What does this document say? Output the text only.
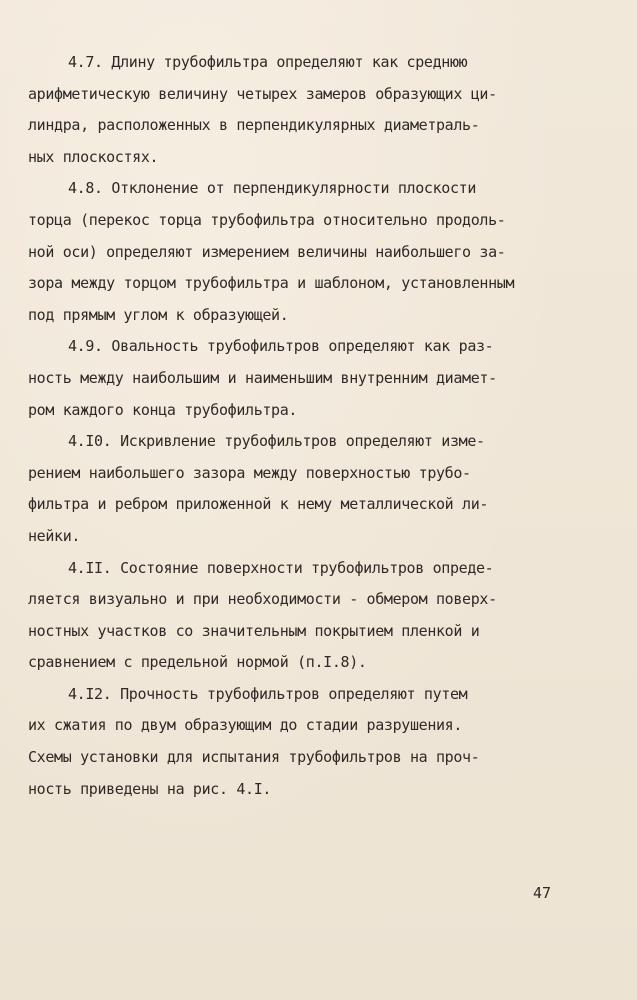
4.7. Длину трубофильтра определяют как среднюю
арифметическую величину четырех замеров образующих ци-
линдра, расположенных в перпендикулярных диаметраль-
ных плоскостях.
4.8. Отклонение от перпендикулярности плоскости
торца (перекос торца трубофильтра относительно продоль-
ной оси) определяют измерением величины наибольшего за-
зора между торцом трубофильтра и шаблоном, установленным
под прямым углом к образующей.
4.9. Овальность трубофильтров определяют как раз-
ность между наибольшим и наименьшим внутренним диамет-
ром каждого конца трубофильтра.
4.I0. Искривление трубофильтров определяют изме-
рением наибольшего зазора между поверхностью трубо-
фильтра и ребром приложенной к нему металлической ли-
нейки.
4.II. Состояние поверхности трубофильтров опреде-
ляется визуально и при необходимости - обмером поверх-
ностных участков со значительным покрытием пленкой и
сравнением с предельной нормой (п.I.8).
4.I2. Прочность трубофильтров определяют путем
их сжатия по двум образующим до стадии разрушения.
Схемы установки для испытания трубофильтров на проч-
ность приведены на рис. 4.I.
47
